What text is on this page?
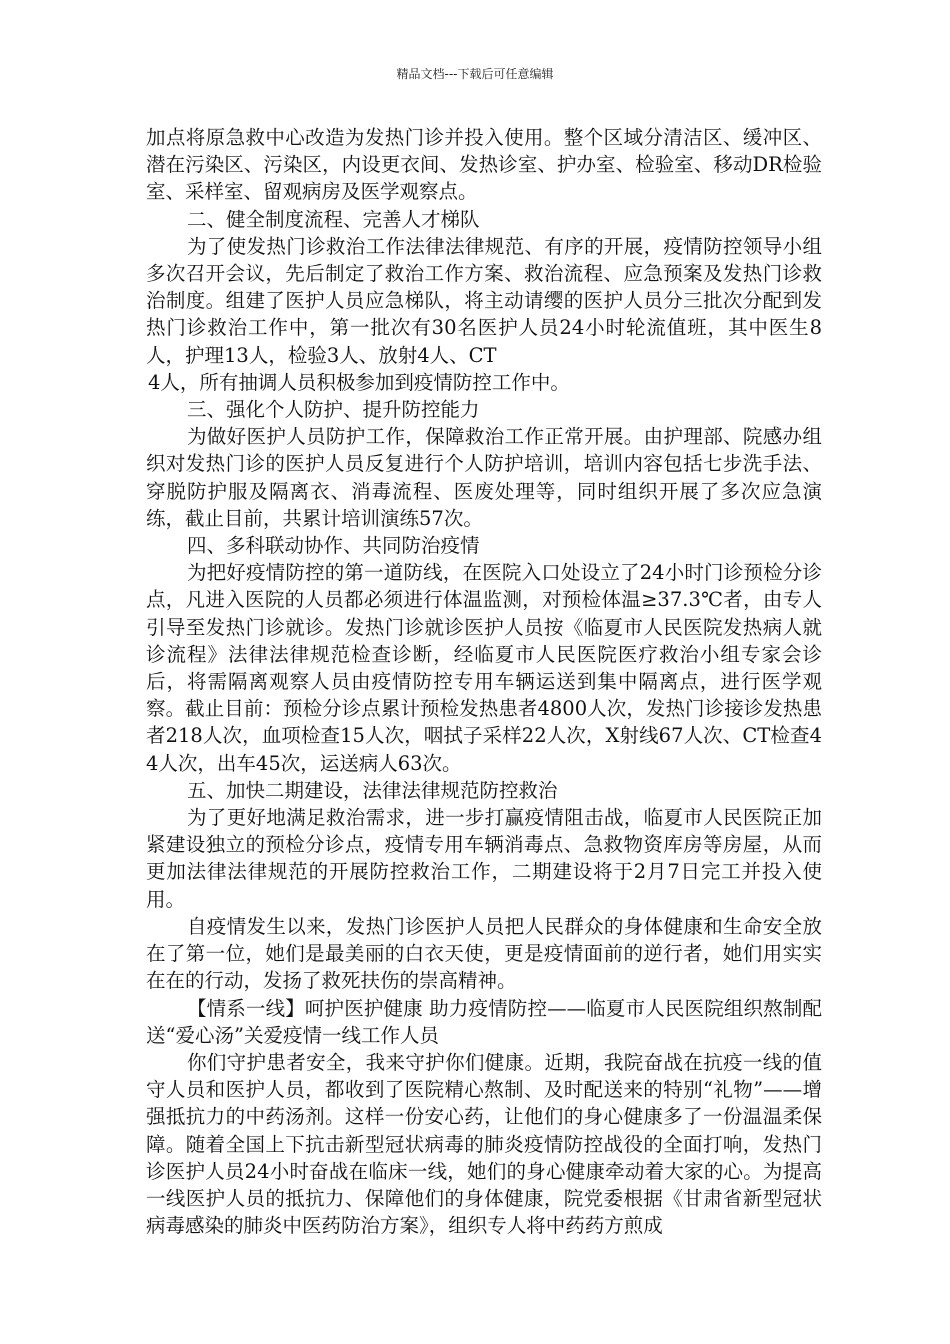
精品文档---下载后可任意编辑

加点将原急救中心改造为发热门诊并投入使用。整个区域分清洁区、缓冲区、潜在污染区、污染区，内设更衣间、发热诊室、护办室、检验室、移动DR检验室、采样室、留观病房及医学观察点。

二、健全制度流程、完善人才梯队

为了使发热门诊救治工作法律法律规范、有序的开展，疫情防控领导小组多次召开会议，先后制定了救治工作方案、救治流程、应急预案及发热门诊救治制度。组建了医护人员应急梯队，将主动请缨的医护人员分三批次分配到发热门诊救治工作中，第一批次有30名医护人员24小时轮流值班，其中医生8人，护理13人，检验3人、放射4人、CT

4人，所有抽调人员积极参加到疫情防控工作中。

三、强化个人防护、提升防控能力

为做好医护人员防护工作，保障救治工作正常开展。由护理部、院感办组织对发热门诊的医护人员反复进行个人防护培训，培训内容包括七步洗手法、穿脱防护服及隔离衣、消毒流程、医废处理等，同时组织开展了多次应急演练，截止目前，共累计培训演练57次。

四、多科联动协作、共同防治疫情

为把好疫情防控的第一道防线，在医院入口处设立了24小时门诊预检分诊点，凡进入医院的人员都必须进行体温监测，对预检体温≥37.3℃者，由专人引导至发热门诊就诊。发热门诊就诊医护人员按《临夏市人民医院发热病人就诊流程》法律法律规范检查诊断，经临夏市人民医院医疗救治小组专家会诊后，将需隔离观察人员由疫情防控专用车辆运送到集中隔离点，进行医学观察。截止目前：预检分诊点累计预检发热患者4800人次，发热门诊接诊发热患者218人次，血项检查15人次，咽拭子采样22人次，X射线67人次、CT检查44人次，出车45次，运送病人63次。

五、加快二期建设，法律法律规范防控救治

为了更好地满足救治需求，进一步打赢疫情阻击战，临夏市人民医院正加紧建设独立的预检分诊点，疫情专用车辆消毒点、急救物资库房等房屋，从而更加法律法律规范的开展防控救治工作，二期建设将于2月7日完工并投入使用。

自疫情发生以来，发热门诊医护人员把人民群众的身体健康和生命安全放在了第一位，她们是最美丽的白衣天使，更是疫情面前的逆行者，她们用实实在在的行动，发扬了救死扶伤的崇高精神。

【情系一线】呵护医护健康 助力疫情防控——临夏市人民医院组织熬制配送“爱心汤”关爱疫情一线工作人员

你们守护患者安全，我来守护你们健康。近期，我院奋战在抗疫一线的值守人员和医护人员，都收到了医院精心熬制、及时配送来的特别“礼物”——增强抵抗力的中药汤剂。这样一份安心药，让他们的身心健康多了一份温温柔保障。随着全国上下抗击新型冠状病毒的肺炎疫情防控战役的全面打响，发热门诊医护人员24小时奋战在临床一线，她们的身心健康牵动着大家的心。为提高一线医护人员的抵抗力、保障他们的身体健康，院党委根据《甘肃省新型冠状病毒感染的肺炎中医药防治方案》，组织专人将中药药方煎成
